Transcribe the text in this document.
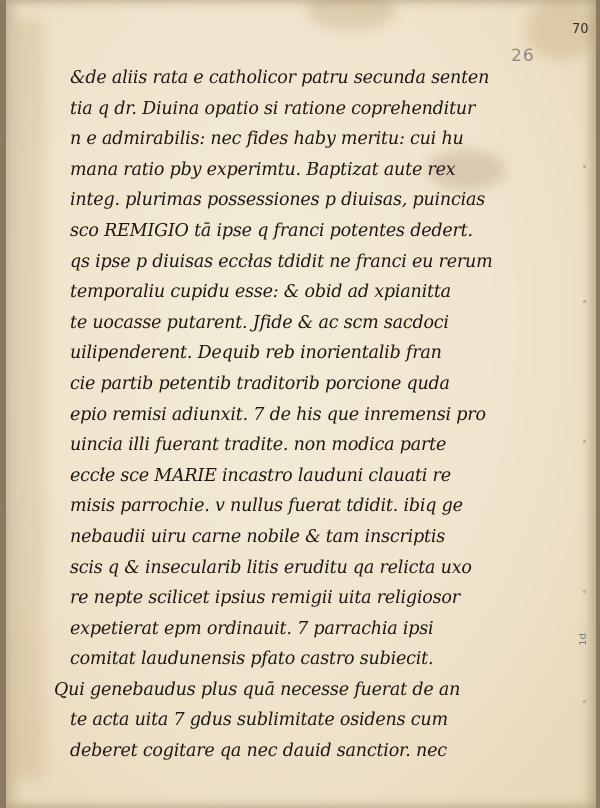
70
26
1d
&de aliis rata e catholicor patru secunda senten
tia q dr. Diuina opatio si ratione coprehenditur
n e admirabilis: nec fides haby meritu: cui hu
mana ratio pby experimtu. Baptizat aute rex
integ. plurimas possessiones p diuisas, puincias
sco REMIGIO tā ipse q franci potentes dedert.
qs ipse p diuisas eccłas tdidit ne franci eu rerum
temporaliu cupidu esse: & obid ad xpianitta
te uocasse putarent. Jfide & ac scm sacdoci
uilipenderent. Dequib reb inorientalib fran
cie partib petentib traditorib porcione quda
epio remisi adiunxit. 7 de his que inremensi pro
uincia illi fuerant tradite. non modica parte
eccłe sce MARIE incastro lauduni clauati re
misis parrochie. v nullus fuerat tdidit. ibiq ge
nebaudii uiru carne nobile & tam inscriptis
scis q & insecularib litis eruditu qa relicta uxo
re nepte scilicet ipsius remigii uita religiosor
expetierat epm ordinauit. 7 parrachia ipsi
comitat laudunensis pfato castro subiecit.
Qui genebaudus plus quā necesse fuerat de an
te acta uita 7 gdus sublimitate osidens cum
deberet cogitare qa nec dauid sanctior. nec
